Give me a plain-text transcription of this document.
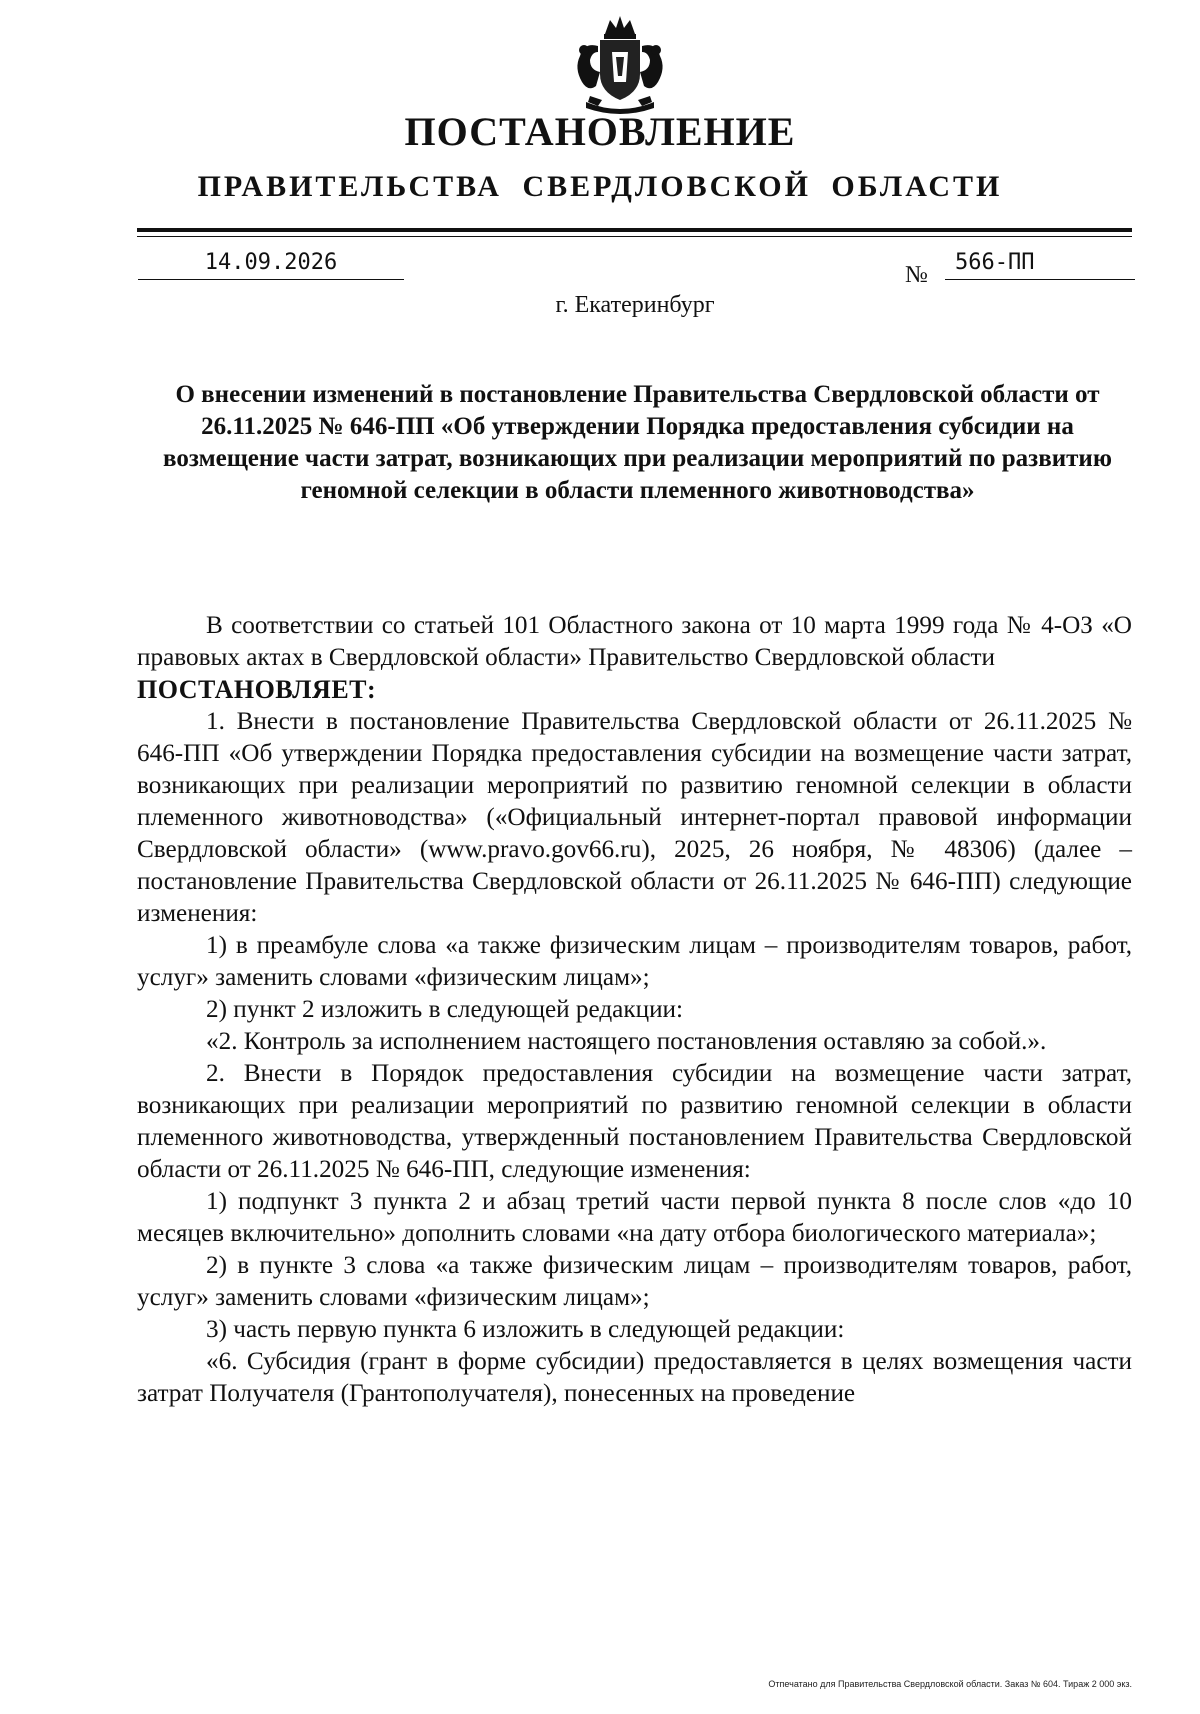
ПОСТАНОВЛЕНИЕ
ПРАВИТЕЛЬСТВА СВЕРДЛОВСКОЙ ОБЛАСТИ
14.09.2026	№	566-ПП
г. Екатеринбург
О внесении изменений в постановление Правительства Свердловской области от 26.11.2025 № 646-ПП «Об утверждении Порядка предоставления субсидии на возмещение части затрат, возникающих при реализации мероприятий по развитию геномной селекции в области племенного животноводства»

В соответствии со статьей 101 Областного закона от 10 марта 1999 года № 4-ОЗ «О правовых актах в Свердловской области» Правительство Свердловской области

ПОСТАНОВЛЯЕТ:

1. Внести в постановление Правительства Свердловской области от 26.11.2025 № 646-ПП «Об утверждении Порядка предоставления субсидии на возмещение части затрат, возникающих при реализации мероприятий по развитию геномной селекции в области племенного животноводства» («Официальный интернет-портал правовой информации Свердловской области» (www.pravo.gov66.ru), 2025, 26 ноября, № 48306) (далее – постановление Правительства Свердловской области от 26.11.2025 № 646-ПП) следующие изменения:

1) в преамбуле слова «а также физическим лицам – производителям товаров, работ, услуг» заменить словами «физическим лицам»;

2) пункт 2 изложить в следующей редакции:

«2. Контроль за исполнением настоящего постановления оставляю за собой.».

2. Внести в Порядок предоставления субсидии на возмещение части затрат, возникающих при реализации мероприятий по развитию геномной селекции в области племенного животноводства, утвержденный постановлением Правительства Свердловской области от 26.11.2025 № 646-ПП, следующие изменения:

1) подпункт 3 пункта 2 и абзац третий части первой пункта 8 после слов «до 10 месяцев включительно» дополнить словами «на дату отбора биологического материала»;

2) в пункте 3 слова «а также физическим лицам – производителям товаров, работ, услуг» заменить словами «физическим лицам»;

3) часть первую пункта 6 изложить в следующей редакции:

«6. Субсидия (грант в форме субсидии) предоставляется в целях возмещения части затрат Получателя (Грантополучателя), понесенных на проведение

Отпечатано для Правительства Свердловской области. Заказ № 604. Тираж 2 000 экз.
